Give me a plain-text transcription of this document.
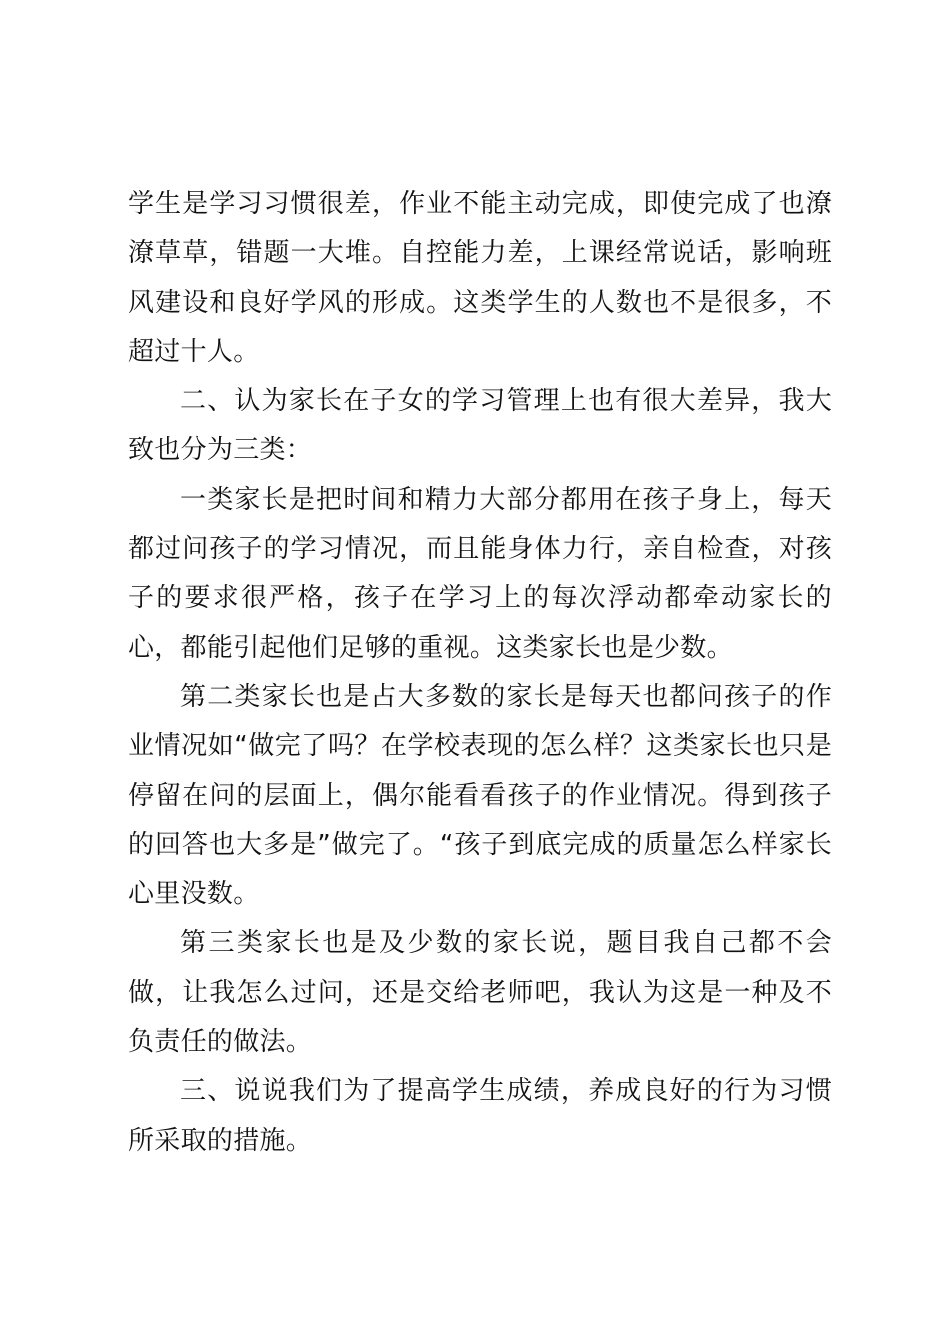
学生是学习习惯很差，作业不能主动完成，即使完成了也潦潦草草，错题一大堆。自控能力差，上课经常说话，影响班风建设和良好学风的形成。这类学生的人数也不是很多，不超过十人。

二、认为家长在子女的学习管理上也有很大差异，我大致也分为三类：

一类家长是把时间和精力大部分都用在孩子身上，每天都过问孩子的学习情况，而且能身体力行，亲自检查，对孩子的要求很严格，孩子在学习上的每次浮动都牵动家长的心，都能引起他们足够的重视。这类家长也是少数。

第二类家长也是占大多数的家长是每天也都问孩子的作业情况如“做完了吗？在学校表现的怎么样？这类家长也只是停留在问的层面上，偶尔能看看孩子的作业情况。得到孩子的回答也大多是”做完了。“孩子到底完成的质量怎么样家长心里没数。

第三类家长也是及少数的家长说，题目我自己都不会做，让我怎么过问，还是交给老师吧，我认为这是一种及不负责任的做法。

三、说说我们为了提高学生成绩，养成良好的行为习惯所采取的措施。
